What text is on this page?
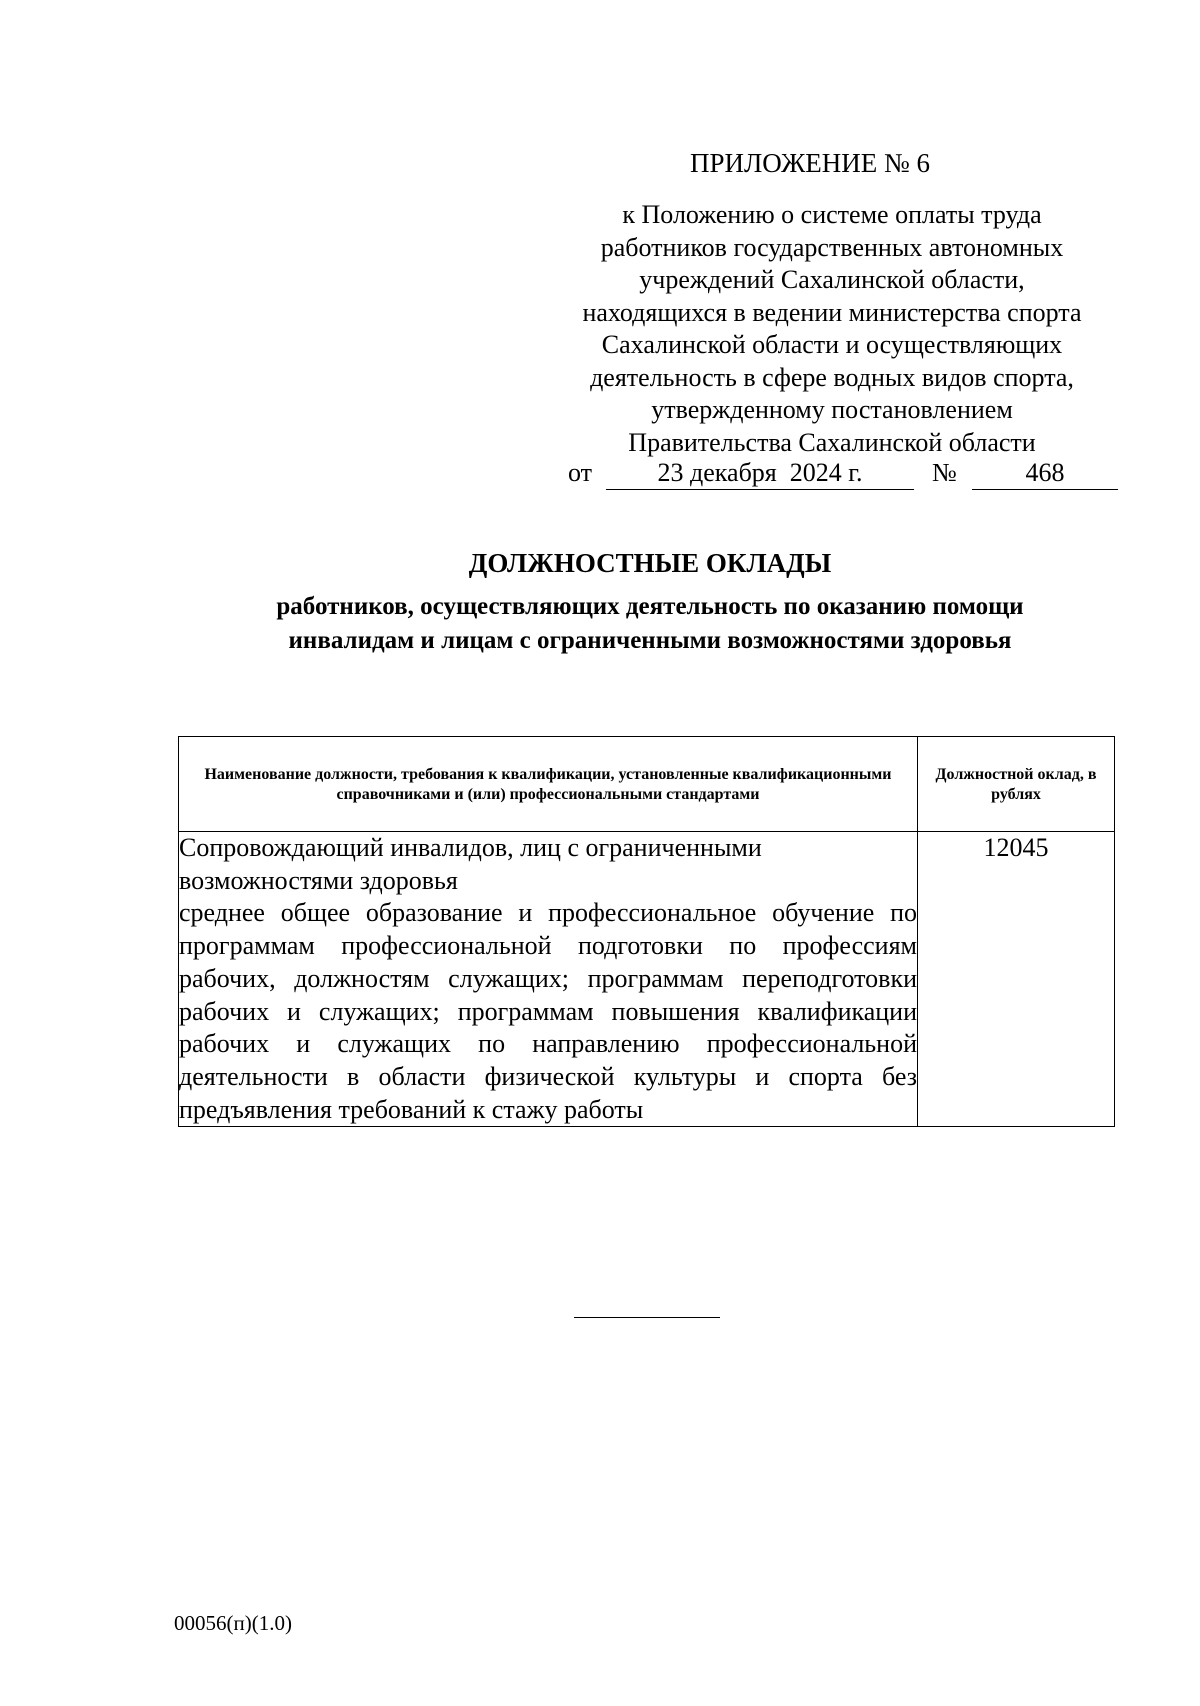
ПРИЛОЖЕНИЕ № 6
к Положению о системе оплаты труда
работников государственных автономных
учреждений Сахалинской области,
находящихся в ведении министерства спорта
Сахалинской области и осуществляющих
деятельность в сфере водных видов спорта,
утвержденному постановлением
Правительства Сахалинской области
от	23 декабря  2024 г.	№	468
ДОЛЖНОСТНЫЕ ОКЛАДЫ
работников, осуществляющих деятельность по оказанию помощи
инвалидам и лицам с ограниченными возможностями здоровья
Наименование должности, требования к квалификации, установленные квалификационными справочниками и (или) профессиональными стандартами	Должностной оклад, в рублях

Сопровождающий инвалидов, лиц с ограниченными возможностями здоровья
среднее общее образование и профессиональное обучение по программам профессиональной подготовки по профессиям рабочих, должностям служащих; программам переподготовки рабочих и служащих; программам повышения квалификации рабочих и служащих по направлению профессиональной деятельности в области физической культуры и спорта без предъявления требований к стажу работы	12045
00056(п)(1.0)
